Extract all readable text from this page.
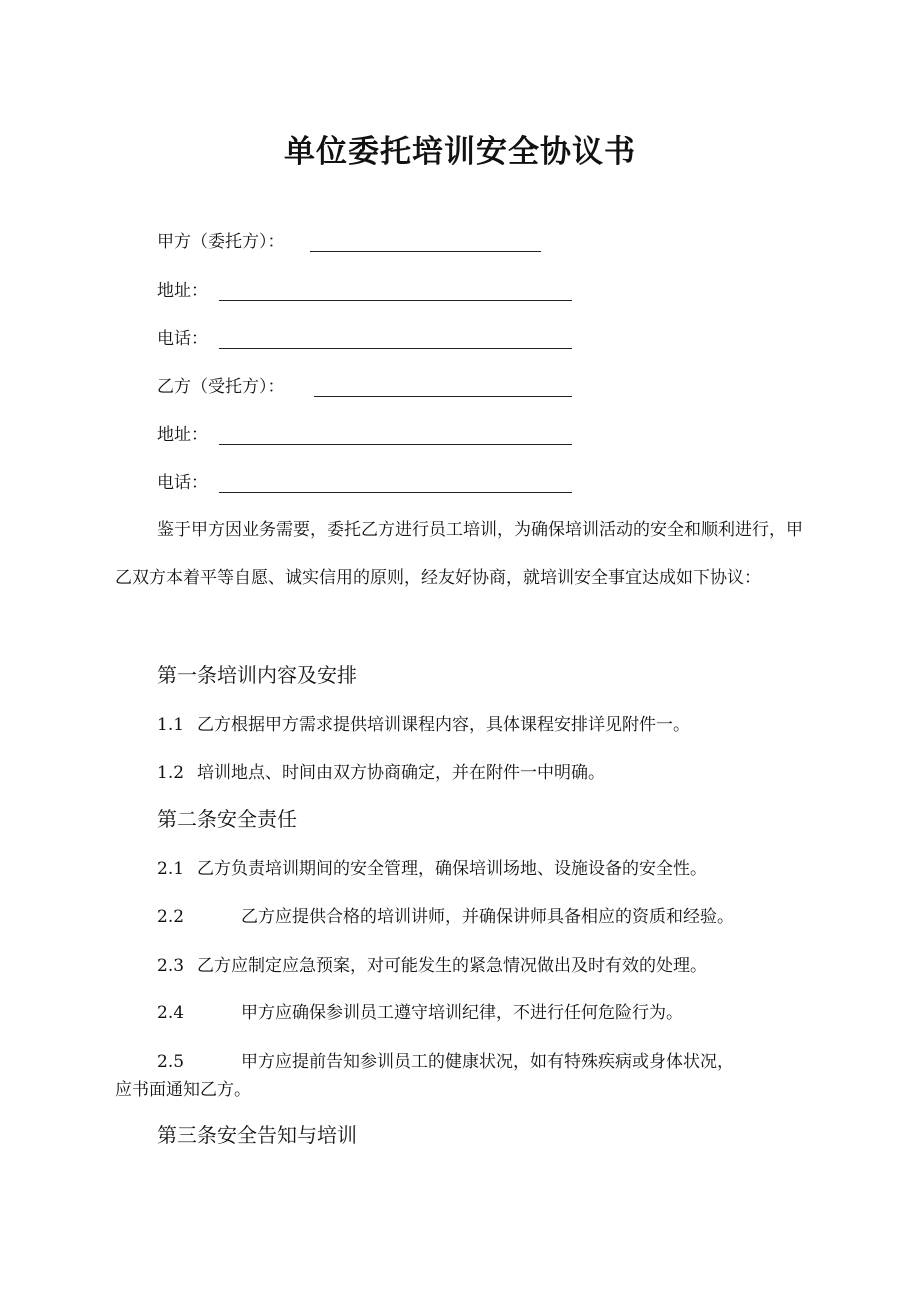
单位委托培训安全协议书
甲方（委托方）：
地址：
电话：
乙方（受托方）：
地址：
电话：
鉴于甲方因业务需要，委托乙方进行员工培训，为确保培训活动的安全和顺利进行，甲乙双方本着平等自愿、诚实信用的原则，经友好协商，就培训安全事宜达成如下协议：
第一条培训内容及安排
1.1 乙方根据甲方需求提供培训课程内容，具体课程安排详见附件一。
1.2 培训地点、时间由双方协商确定，并在附件一中明确。
第二条安全责任
2.1 乙方负责培训期间的安全管理，确保培训场地、设施设备的安全性。
2.2	乙方应提供合格的培训讲师，并确保讲师具备相应的资质和经验。
2.3 乙方应制定应急预案，对可能发生的紧急情况做出及时有效的处理。
2.4	甲方应确保参训员工遵守培训纪律，不进行任何危险行为。
2.5	甲方应提前告知参训员工的健康状况，如有特殊疾病或身体状况，
应书面通知乙方。
第三条安全告知与培训
